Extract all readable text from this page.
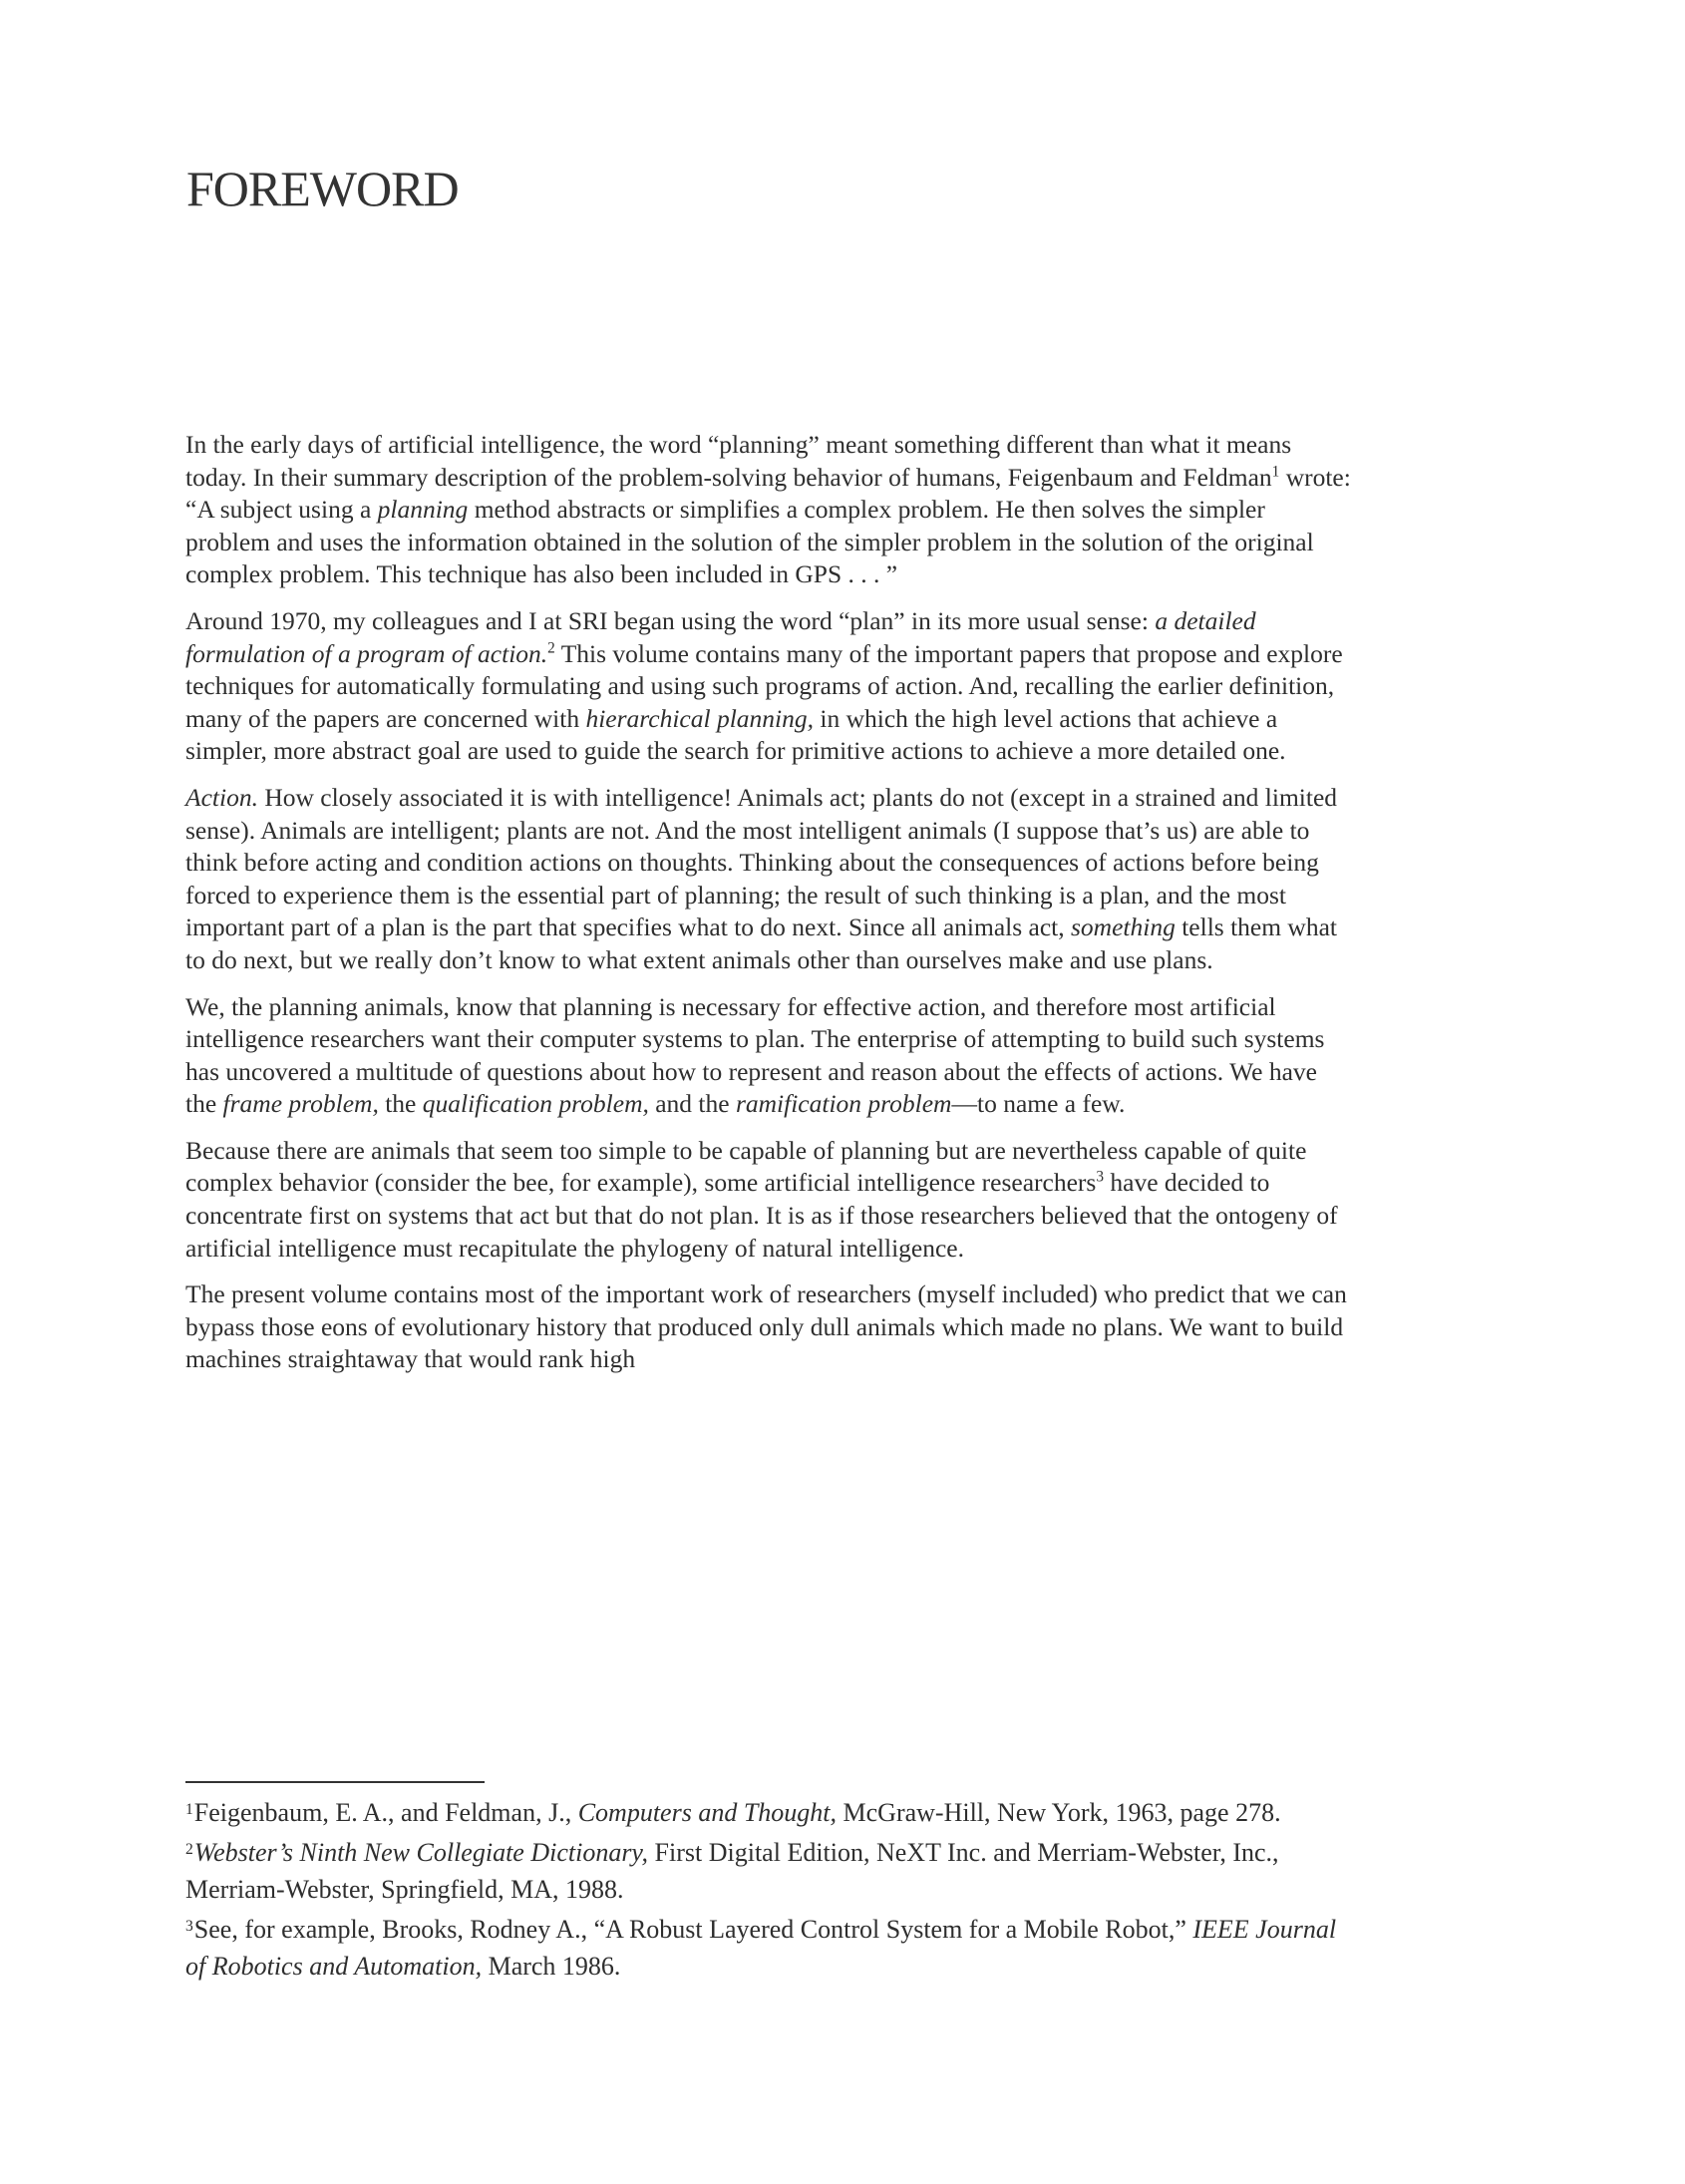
FOREWORD

In the early days of artificial intelligence, the word “planning” meant something different than what it means today. In their summary description of the problem-solving behavior of humans, Feigenbaum and Feldman$^1$ wrote: “A subject using a planning method abstracts or simplifies a complex problem. He then solves the simpler problem and uses the information obtained in the solution of the simpler problem in the solution of the original complex problem. This technique has also been included in GPS . . . ”

Around 1970, my colleagues and I at SRI began using the word “plan” in its more usual sense: a detailed formulation of a program of action.$^2$ This volume contains many of the important papers that propose and explore techniques for automatically formulating and using such programs of action. And, recalling the earlier definition, many of the papers are concerned with hierarchical planning, in which the high level actions that achieve a simpler, more abstract goal are used to guide the search for primitive actions to achieve a more detailed one.

Action. How closely associated it is with intelligence! Animals act; plants do not (except in a strained and limited sense). Animals are intelligent; plants are not. And the most intelligent animals (I suppose that’s us) are able to think before acting and condition actions on thoughts. Thinking about the consequences of actions before being forced to experience them is the essential part of planning; the result of such thinking is a plan, and the most important part of a plan is the part that specifies what to do next. Since all animals act, something tells them what to do next, but we really don’t know to what extent animals other than ourselves make and use plans.

We, the planning animals, know that planning is necessary for effective action, and therefore most artificial intelligence researchers want their computer systems to plan. The enterprise of attempting to build such systems has uncovered a multitude of questions about how to represent and reason about the effects of actions. We have the frame problem, the qualification problem, and the ramification problem—to name a few.

Because there are animals that seem too simple to be capable of planning but are nevertheless capable of quite complex behavior (consider the bee, for example), some artificial intelligence researchers$^3$ have decided to concentrate first on systems that act but that do not plan. It is as if those researchers believed that the ontogeny of artificial intelligence must recapitulate the phylogeny of natural intelligence.

The present volume contains most of the important work of researchers (myself included) who predict that we can bypass those eons of evolutionary history that produced only dull animals which made no plans. We want to build machines straightaway that would rank high

$^1$Feigenbaum, E. A., and Feldman, J., Computers and Thought, McGraw-Hill, New York, 1963, page 278.

$^2$Webster’s Ninth New Collegiate Dictionary, First Digital Edition, NeXT Inc. and Merriam-Webster, Inc., Merriam-Webster, Springfield, MA, 1988.

$^3$See, for example, Brooks, Rodney A., “A Robust Layered Control System for a Mobile Robot,” IEEE Journal of Robotics and Automation, March 1986.
